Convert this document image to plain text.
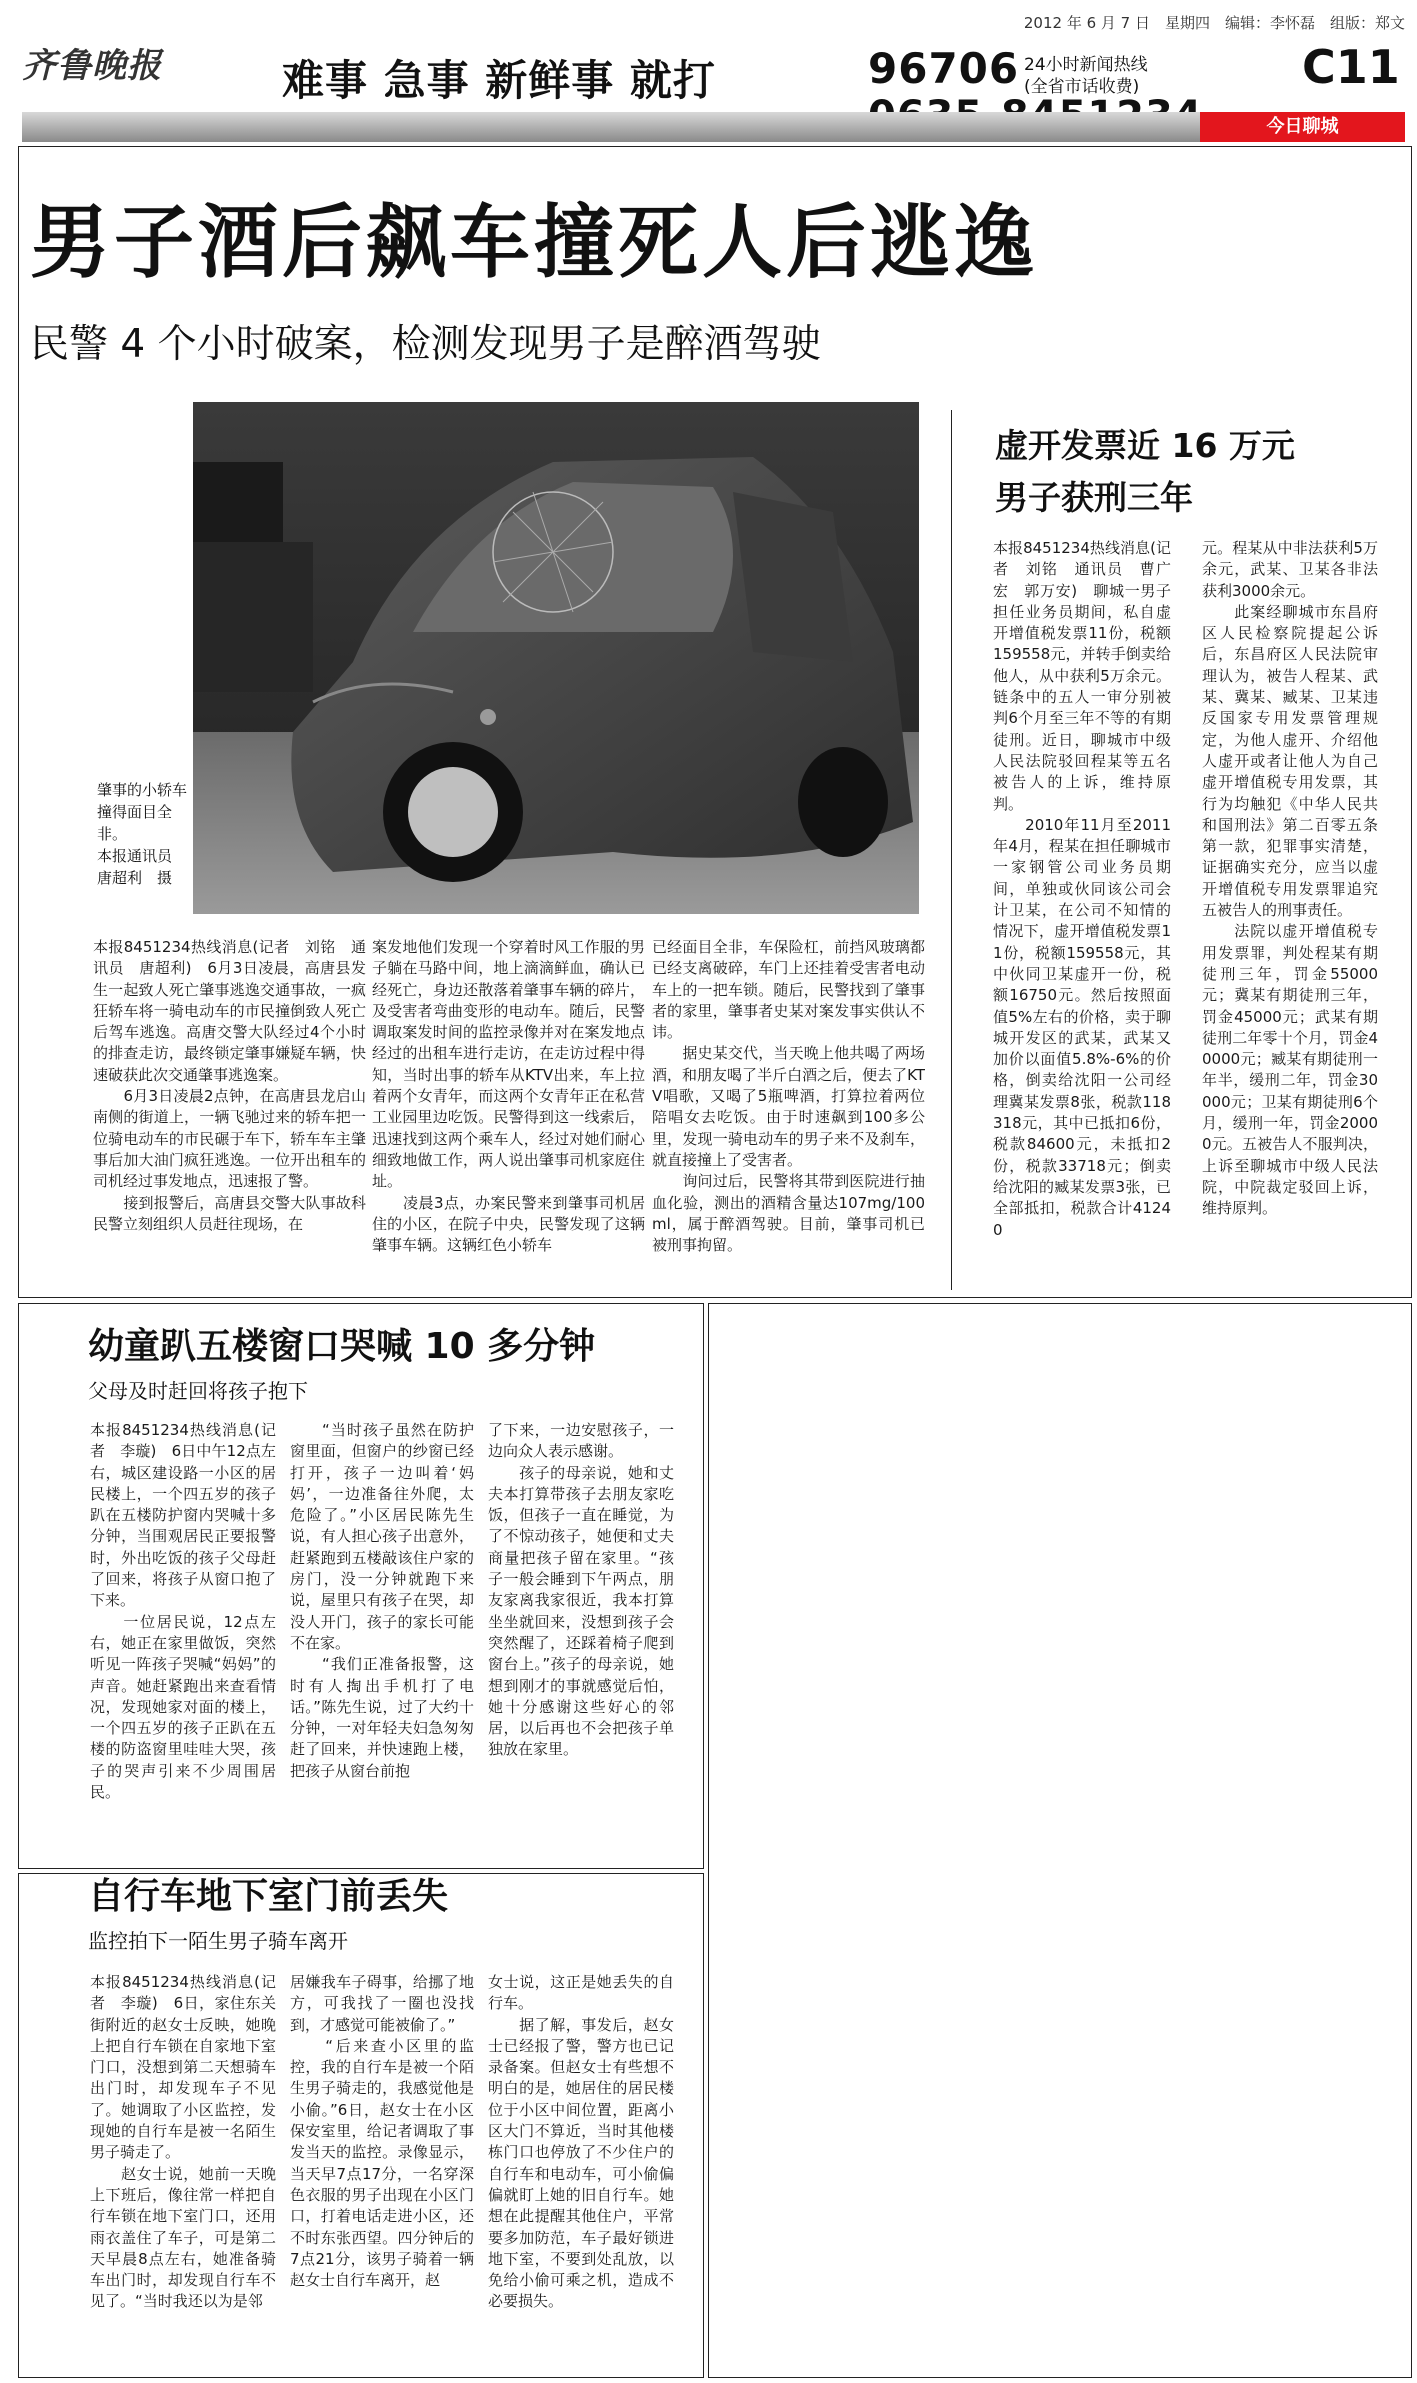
2012 年 6 月 7 日　星期四　编辑：李怀磊　组版：郑文
齐鲁晚报	难事 急事 新鲜事 就打	96706 24小时新闻热线
(全省市话收费)	C11
今日聊城
男子酒后飙车撞死人后逃逸
民警 4 个小时破案，检测发现男子是醉酒驾驶
肇事的小轿车撞得面目全非。
本报通讯员　唐超利　摄
本报8451234热线消息(记者　刘铭　通讯员　唐超利)　6月3日凌晨，高唐县发生一起致人死亡肇事逃逸交通事故，一疯狂轿车将一骑电动车的市民撞倒致人死亡后驾车逃逸。高唐交警大队经过4个小时的排查走访，最终锁定肇事嫌疑车辆，快速破获此次交通肇事逃逸案。
　　6月3日凌晨2点钟，在高唐县龙启山南侧的街道上，一辆飞驰过来的轿车把一位骑电动车的市民碾于车下，轿车车主肇事后加大油门疯狂逃逸。一位开出租车的司机经过事发地点，迅速报了警。
　　接到报警后，高唐县交警大队事故科民警立刻组织人员赶往现场，在
案发地他们发现一个穿着时风工作服的男子躺在马路中间，地上滴滴鲜血，确认已经死亡，身边还散落着肇事车辆的碎片，及受害者弯曲变形的电动车。随后，民警调取案发时间的监控录像并对在案发地点经过的出租车进行走访，在走访过程中得知，当时出事的轿车从KTV出来，车上拉着两个女青年，而这两个女青年正在私营工业园里边吃饭。民警得到这一线索后，迅速找到这两个乘车人，经过对她们耐心细致地做工作，两人说出肇事司机家庭住址。
　　凌晨3点，办案民警来到肇事司机居住的小区，在院子中央，民警发现了这辆肇事车辆。这辆红色小轿车
已经面目全非，车保险杠，前挡风玻璃都已经支离破碎，车门上还挂着受害者电动车上的一把车锁。随后，民警找到了肇事者的家里，肇事者史某对案发事实供认不讳。
　　据史某交代，当天晚上他共喝了两场酒，和朋友喝了半斤白酒之后，便去了KTV唱歌，又喝了5瓶啤酒，打算拉着两位陪唱女去吃饭。由于时速飙到100多公里，发现一骑电动车的男子来不及刹车，就直接撞上了受害者。
　　询问过后，民警将其带到医院进行抽血化验，测出的酒精含量达107mg/100ml，属于醉酒驾驶。目前，肇事司机已被刑事拘留。
虚开发票近 16 万元
男子获刑三年
本报8451234热线消息(记者　刘铭　通讯员　曹广宏　郭万安)　聊城一男子担任业务员期间，私自虚开增值税发票11份，税额159558元，并转手倒卖给他人，从中获利5万余元。链条中的五人一审分别被判6个月至三年不等的有期徒刑。近日，聊城市中级人民法院驳回程某等五名被告人的上诉，维持原判。
　　2010年11月至2011年4月，程某在担任聊城市一家钢管公司业务员期间，单独或伙同该公司会计卫某，在公司不知情的情况下，虚开增值税发票11份，税额159558元，其中伙同卫某虚开一份，税额16750元。然后按照面值5%左右的价格，卖于聊城开发区的武某，武某又加价以面值5.8%-6%的价格，倒卖给沈阳一公司经理冀某发票8张，税款118318元，其中已抵扣6份，税款84600元，未抵扣2份，税款33718元；倒卖给沈阳的臧某发票3张，已全部抵扣，税款合计41240
元。程某从中非法获利5万余元，武某、卫某各非法获利3000余元。
　　此案经聊城市东昌府区人民检察院提起公诉后，东昌府区人民法院审理认为，被告人程某、武某、冀某、臧某、卫某违反国家专用发票管理规定，为他人虚开、介绍他人虚开或者让他人为自己虚开增值税专用发票，其行为均触犯《中华人民共和国刑法》第二百零五条第一款，犯罪事实清楚，证据确实充分，应当以虚开增值税专用发票罪追究五被告人的刑事责任。
　　法院以虚开增值税专用发票罪，判处程某有期徒刑三年，罚金55000元；冀某有期徒刑三年，罚金45000元；武某有期徒刑二年零十个月，罚金40000元；臧某有期徒刑一年半，缓刑二年，罚金30000元；卫某有期徒刑6个月，缓刑一年，罚金20000元。五被告人不服判决，上诉至聊城市中级人民法院，中院裁定驳回上诉，维持原判。
幼童趴五楼窗口哭喊 10 多分钟
父母及时赶回将孩子抱下
本报8451234热线消息(记者　李璇)　6日中午12点左右，城区建设路一小区的居民楼上，一个四五岁的孩子趴在五楼防护窗内哭喊十多分钟，当围观居民正要报警时，外出吃饭的孩子父母赶了回来，将孩子从窗口抱了下来。
　　一位居民说，12点左右，她正在家里做饭，突然听见一阵孩子哭喊“妈妈”的声音。她赶紧跑出来查看情况，发现她家对面的楼上，一个四五岁的孩子正趴在五楼的防盗窗里哇哇大哭，孩子的哭声引来不少周围居民。
　　“当时孩子虽然在防护窗里面，但窗户的纱窗已经打开，孩子一边叫着‘妈妈’，一边准备往外爬，太危险了。”小区居民陈先生说，有人担心孩子出意外，赶紧跑到五楼敲该住户家的房门，没一分钟就跑下来说，屋里只有孩子在哭，却没人开门，孩子的家长可能不在家。
　　“我们正准备报警，这时有人掏出手机打了电话。”陈先生说，过了大约十分钟，一对年轻夫妇急匆匆赶了回来，并快速跑上楼，把孩子从窗台前抱
了下来，一边安慰孩子，一边向众人表示感谢。
　　孩子的母亲说，她和丈夫本打算带孩子去朋友家吃饭，但孩子一直在睡觉，为了不惊动孩子，她便和丈夫商量把孩子留在家里。“孩子一般会睡到下午两点，朋友家离我家很近，我本打算坐坐就回来，没想到孩子会突然醒了，还踩着椅子爬到窗台上。”孩子的母亲说，她想到刚才的事就感觉后怕，她十分感谢这些好心的邻居，以后再也不会把孩子单独放在家里。
自行车地下室门前丢失
监控拍下一陌生男子骑车离开
本报8451234热线消息(记者　李璇)　6日，家住东关街附近的赵女士反映，她晚上把自行车锁在自家地下室门口，没想到第二天想骑车出门时，却发现车子不见了。她调取了小区监控，发现她的自行车是被一名陌生男子骑走了。
　　赵女士说，她前一天晚上下班后，像往常一样把自行车锁在地下室门口，还用雨衣盖住了车子，可是第二天早晨8点左右，她准备骑车出门时，却发现自行车不见了。“当时我还以为是邻
居嫌我车子碍事，给挪了地方，可我找了一圈也没找到，才感觉可能被偷了。”
　　“后来查小区里的监控，我的自行车是被一个陌生男子骑走的，我感觉他是小偷。”6日，赵女士在小区保安室里，给记者调取了事发当天的监控。录像显示，当天早7点17分，一名穿深色衣服的男子出现在小区门口，打着电话走进小区，还不时东张西望。四分钟后的7点21分，该男子骑着一辆赵女士自行车离开，赵
女士说，这正是她丢失的自行车。
　　据了解，事发后，赵女士已经报了警，警方也已记录备案。但赵女士有些想不明白的是，她居住的居民楼位于小区中间位置，距离小区大门不算近，当时其他楼栋门口也停放了不少住户的自行车和电动车，可小偷偏偏就盯上她的旧自行车。她想在此提醒其他住户，平常要多加防范，车子最好锁进地下室，不要到处乱放，以免给小偷可乘之机，造成不必要损失。
